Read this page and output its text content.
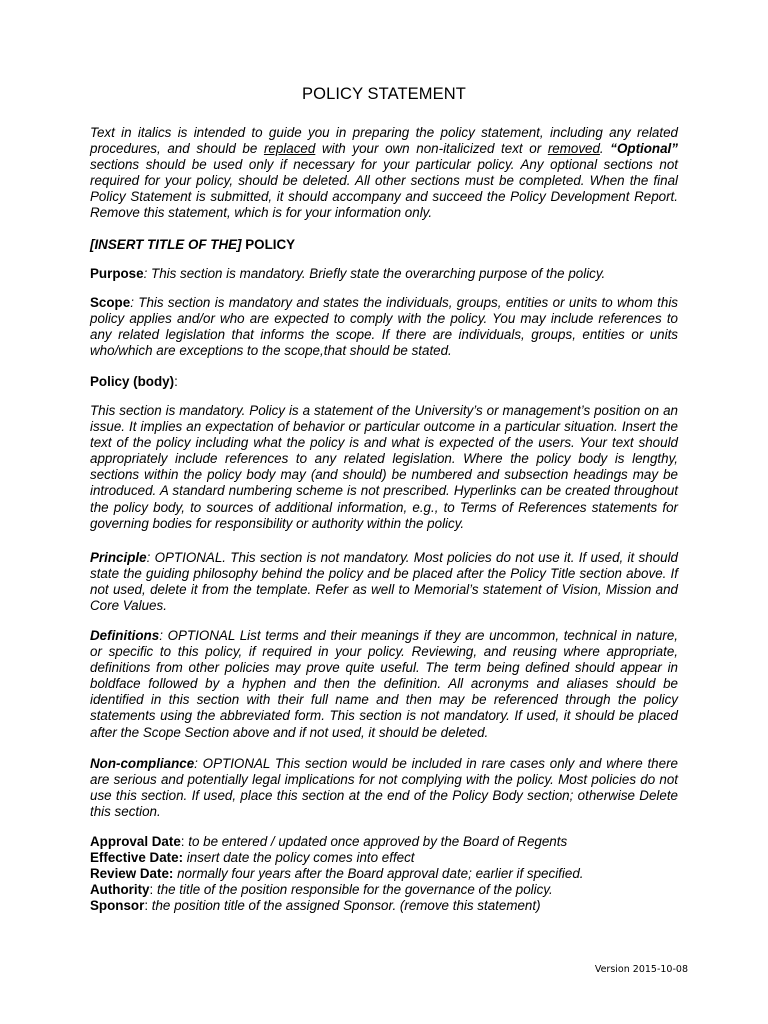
POLICY STATEMENT
Text in italics is intended to guide you in preparing the policy statement, including any related procedures, and should be replaced with your own non-italicized text or removed. “Optional” sections should be used only if necessary for your particular policy. Any optional sections not required for your policy, should be deleted. All other sections must be completed. When the final Policy Statement is submitted, it should accompany and succeed the Policy Development Report. Remove this statement, which is for your information only.
[INSERT TITLE OF THE] POLICY
Purpose: This section is mandatory. Briefly state the overarching purpose of the policy.
Scope: This section is mandatory and states the individuals, groups, entities or units to whom this policy applies and/or who are expected to comply with the policy. You may include references to any related legislation that informs the scope. If there are individuals, groups, entities or units who/which are exceptions to the scope,that should be stated.
Policy (body):
This section is mandatory. Policy is a statement of the University’s or management’s position on an issue. It implies an expectation of behavior or particular outcome in a particular situation. Insert the text of the policy including what the policy is and what is expected of the users. Your text should appropriately include references to any related legislation. Where the policy body is lengthy, sections within the policy body may (and should) be numbered and subsection headings may be introduced. A standard numbering scheme is not prescribed. Hyperlinks can be created throughout the policy body, to sources of additional information, e.g., to Terms of References statements for governing bodies for responsibility or authority within the policy.
Principle: OPTIONAL. This section is not mandatory. Most policies do not use it. If used, it should state the guiding philosophy behind the policy and be placed after the Policy Title section above. If not used, delete it from the template. Refer as well to Memorial’s statement of Vision, Mission and Core Values.
Definitions: OPTIONAL List terms and their meanings if they are uncommon, technical in nature, or specific to this policy, if required in your policy. Reviewing, and reusing where appropriate, definitions from other policies may prove quite useful. The term being defined should appear in boldface followed by a hyphen and then the definition. All acronyms and aliases should be identified in this section with their full name and then may be referenced through the policy statements using the abbreviated form. This section is not mandatory. If used, it should be placed after the Scope Section above and if not used, it should be deleted.
Non-compliance: OPTIONAL This section would be included in rare cases only and where there are serious and potentially legal implications for not complying with the policy. Most policies do not use this section. If used, place this section at the end of the Policy Body section; otherwise Delete this section.
Approval Date: to be entered / updated once approved by the Board of Regents
Effective Date: insert date the policy comes into effect
Review Date: normally four years after the Board approval date; earlier if specified.
Authority: the title of the position responsible for the governance of the policy.
Sponsor: the position title of the assigned Sponsor. (remove this statement)
Version 2015-10-08
